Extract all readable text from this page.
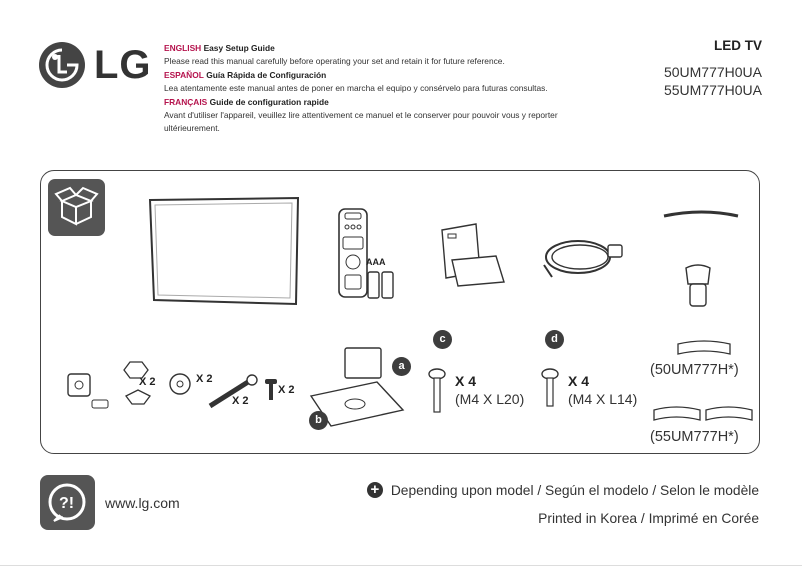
LG ENGLISH Easy Setup Guide
Please read this manual carefully before operating your set and retain it for future reference.
ESPAÑOL Guía Rápida de Configuración
Lea atentamente este manual antes de poner en marcha el equipo y consérvelo para futuras consultas.
FRANÇAIS Guide de configuration rapide
Avant d'utiliser l'appareil, veuillez lire attentivement ce manuel et le conserver pour pouvoir vous y reporter ultérieurement.
LED TV
50UM777H0UA
55UM777H0UA
AAA
(50UM777H*)
(55UM777H*)
X 2	X 2
X 2
X 2
a
b
c
X 4
(M4 X L20)
d
X 4
(M4 X L14)
?! www.lg.com
+ Depending upon model / Según el modelo / Selon le modèle
Printed in Korea / Imprimé en Corée
